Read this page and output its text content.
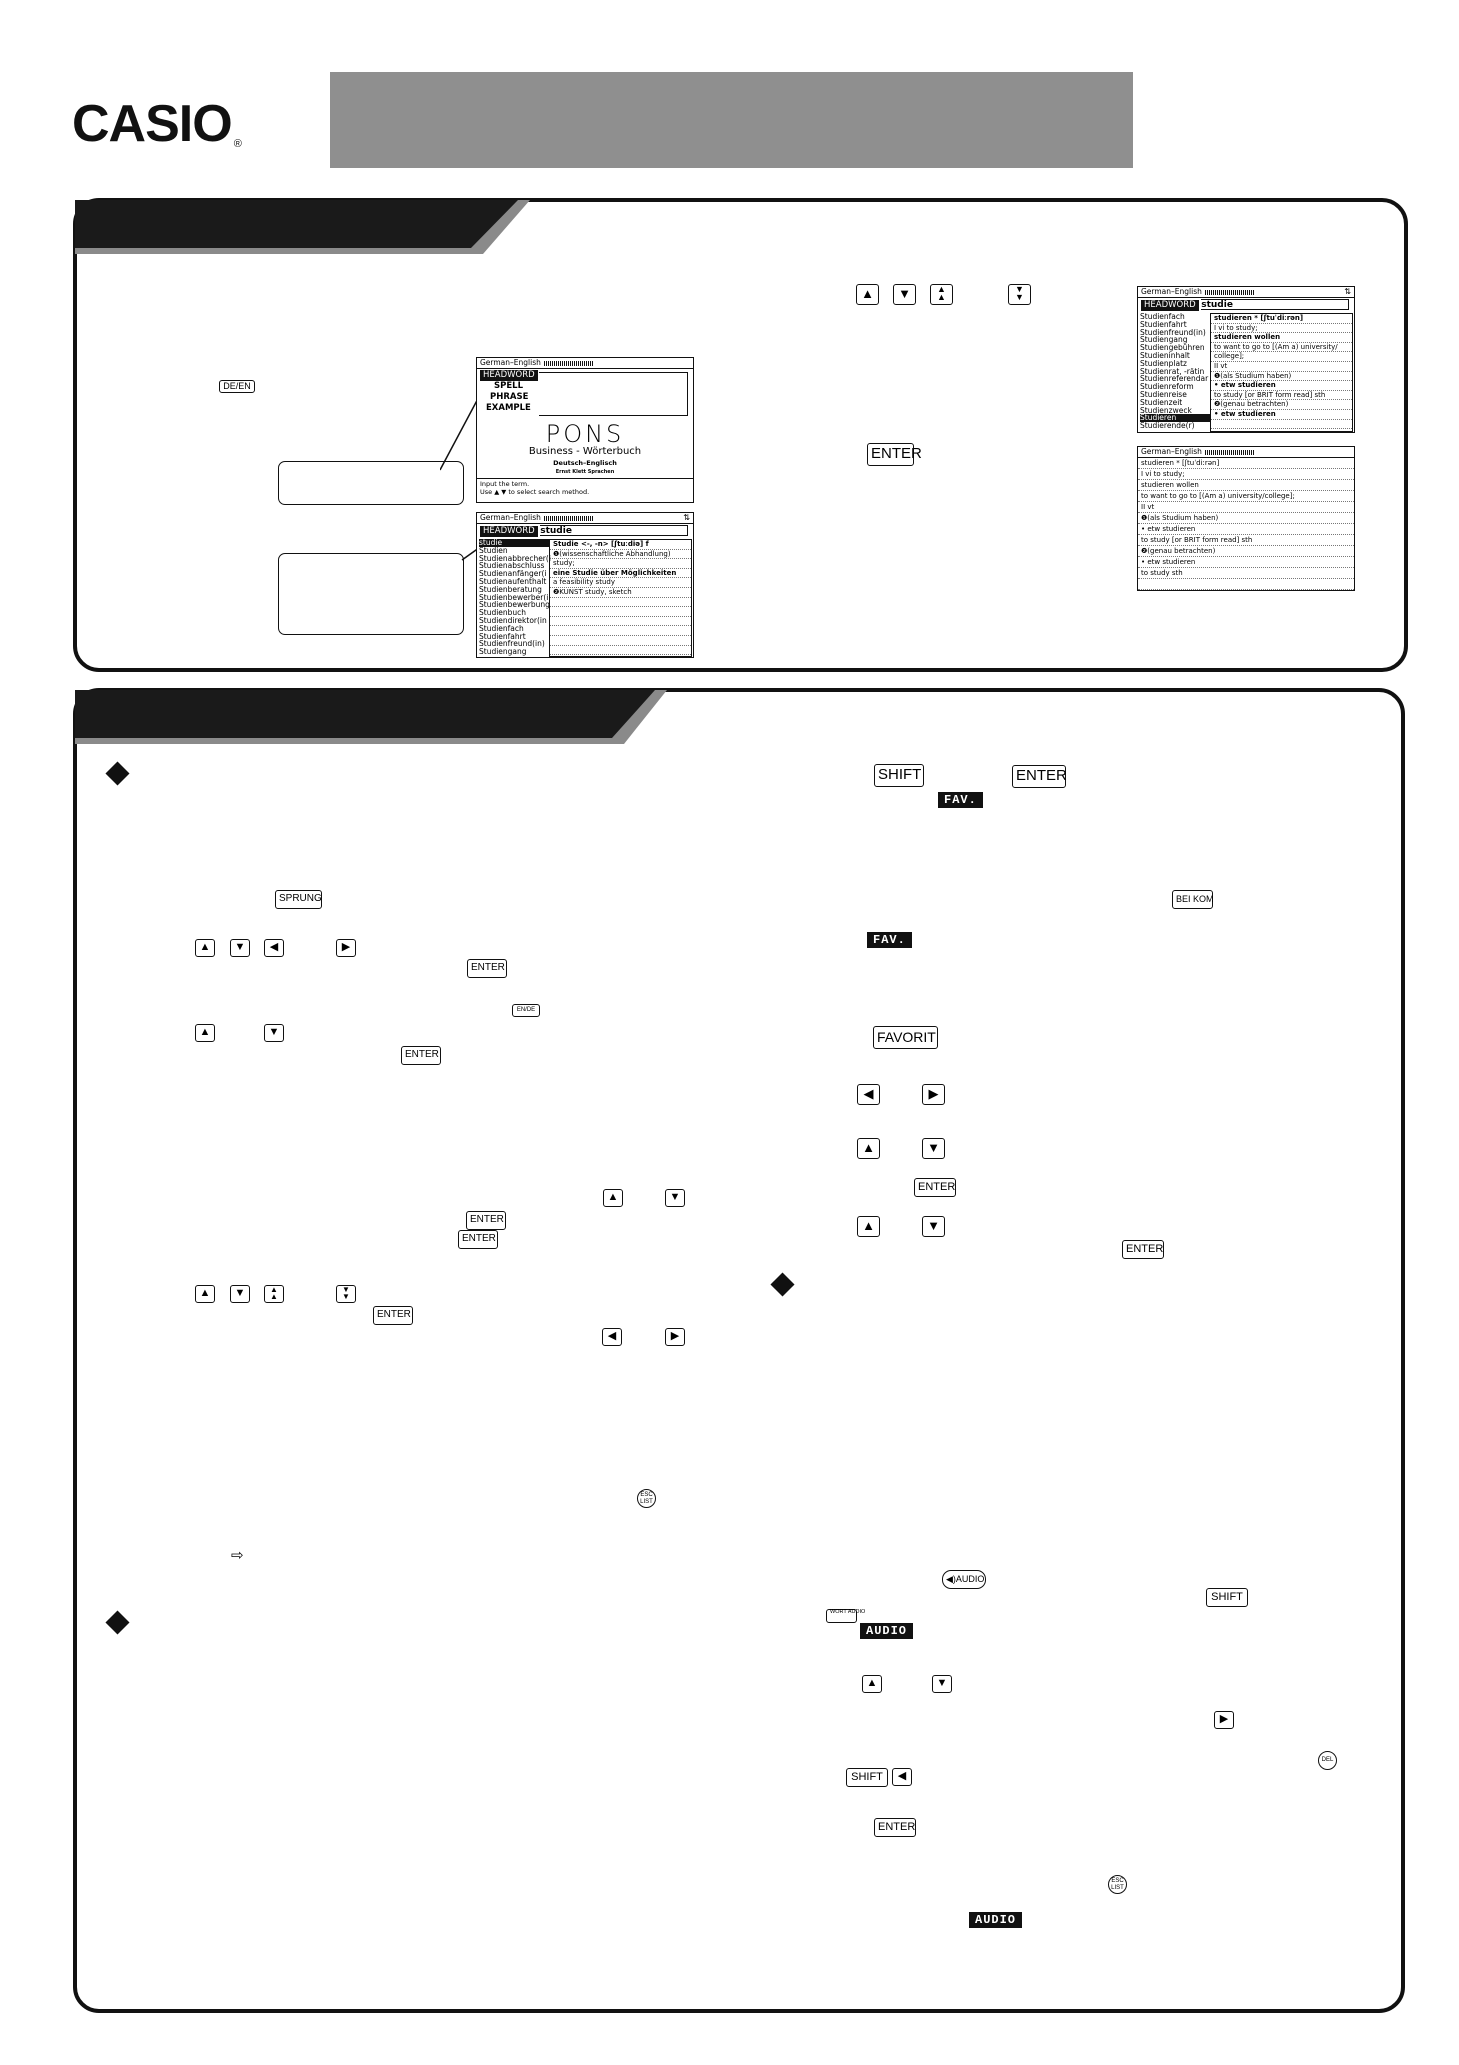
CASIO ®
DE/EN
German–English
HEADWORD
SPELL
PHRASE
EXAMPLE
PONS
Business - Wörterbuch
Deutsch–Englisch
Ernst Klett Sprachen
Input the term.
Use ▲ ▼ to select search method.
German–English	⇅
HEADWORD studie
studie
Studien
Studienabbrecher(i
Studienabschluss
Studienanfänger(i
Studienaufenthalt
Studienberatung
Studienbewerber(i
Studienbewerbung
Studienbuch
Studiendirektor(in
Studienfach
Studienfahrt
Studienfreund(in)
Studiengang
Studie <-, -n> [ʃtuːdiə] f
❶(wissenschaftliche Abhandlung)
study;
eine Studie über Möglichkeiten
a feasibility study
❷KUNST study, sketch

▲	▼	▲
▲
▼
▼
ENTER
German–English	⇅
HEADWORD studie
Studienfach
Studienfahrt
Studienfreund(in)
Studiengang
Studiengebühren
Studieninhalt
Studienplatz
Studienrat, -rätin
Studienreferendar
Studienreform
Studienreise
Studienzeit
Studienzweck
Studieren
Studierende(r)
studieren * [ʃtuˈdiːrən]
I vi to study;
studieren wollen
to want to go to [(Am a) university/
college];
II vt
❶(als Studium haben)
• etw studieren
to study [or BRIT form read] sth
❷(genau betrachten)
• etw studieren

German–English
studieren * [ʃtuˈdiːrən]
I vi to study;
studieren wollen
to want to go to [(Am a) university/college];
II vt
❶(als Studium haben)
• etw studieren
to study [or BRIT form read] sth
❷(genau betrachten)
• etw studieren
to study sth

SPRUNG
▲	▼	◀	▶
ENTER
EN/DE
▲	▼
ENTER
▲	▼
ENTER
ENTER
▲	▼	▲
▲
▼
▼
ENTER
◀	▶
ESC LIST
⇨
SHIFT	ENTER
FAV.
BEI KOM
FAV.
FAVORIT
◀	▶
▲	▼
ENTER
▲	▼
ENTER
◀)AUDIO
SHIFT
WORT AUDIO
AUDIO
▲	▼
▶
DEL
SHIFT	◀
ENTER
ESC LIST
AUDIO
